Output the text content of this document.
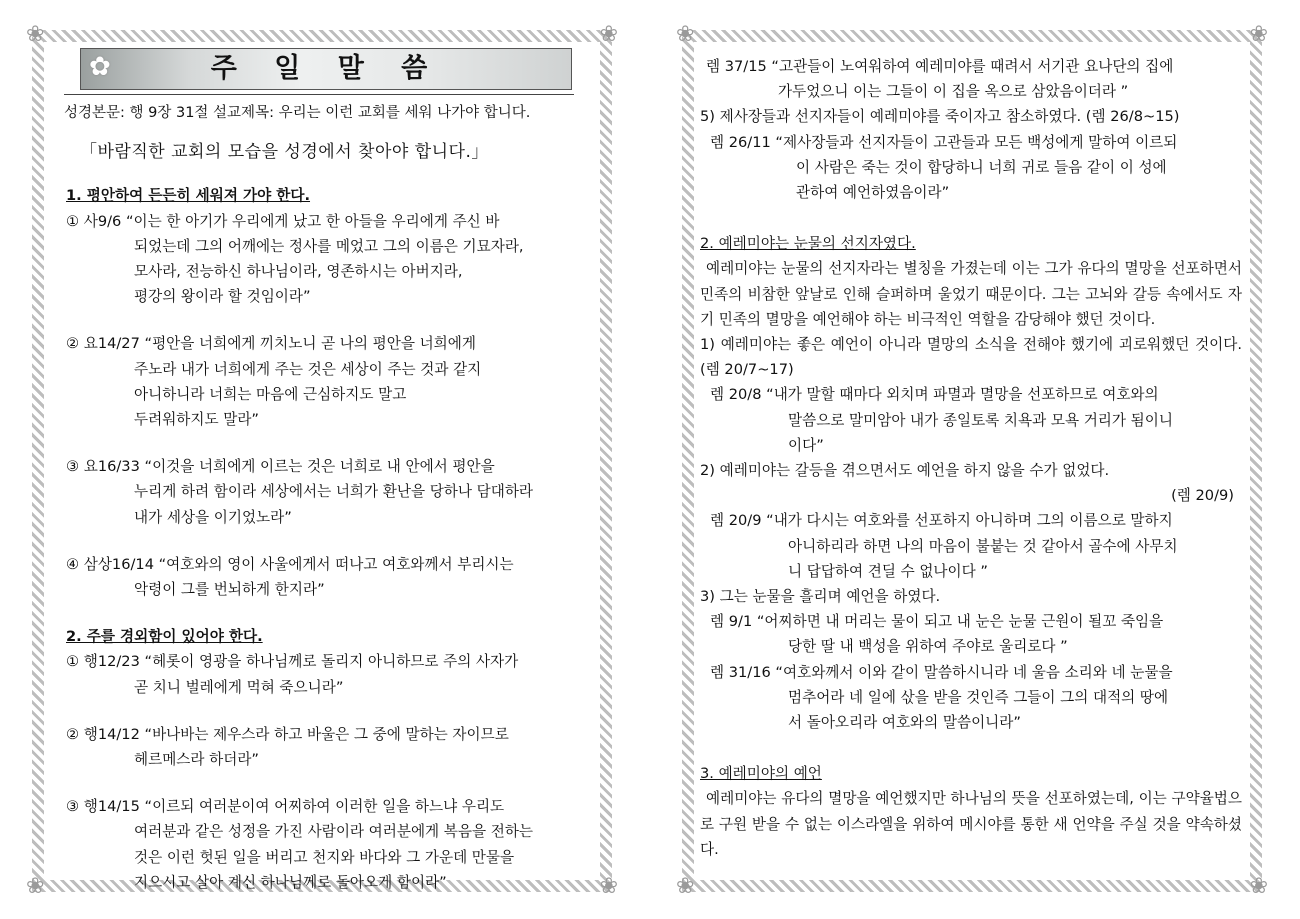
❀	❀
❀	❀
✿	주 일 말 씀
성경본문: 행 9장 31절 설교제목: 우리는 이런 교회를 세워 나가야 합니다.
「바람직한 교회의 모습을 성경에서 찾아야 합니다.」
1. 평안하여 든든히 세워져 가야 한다.
① 사9/6 “이는 한 아기가 우리에게 났고 한 아들을 우리에게 주신 바
되었는데 그의 어깨에는 정사를 메었고 그의 이름은 기묘자라,
모사라, 전능하신 하나님이라, 영존하시는 아버지라,
평강의 왕이라 할 것임이라”
② 요14/27 “평안을 너희에게 끼치노니 곧 나의 평안을 너희에게
주노라 내가 너희에게 주는 것은 세상이 주는 것과 같지
아니하니라 너희는 마음에 근심하지도 말고
두려워하지도 말라”
③ 요16/33 “이것을 너희에게 이르는 것은 너희로 내 안에서 평안을
누리게 하려 함이라 세상에서는 너희가 환난을 당하나 담대하라
내가 세상을 이기었노라”
④ 삼상16/14 “여호와의 영이 사울에게서 떠나고 여호와께서 부리시는
악령이 그를 번뇌하게 한지라”
2. 주를 경외함이 있어야 한다.
① 행12/23 “헤롯이 영광을 하나님께로 돌리지 아니하므로 주의 사자가
곧 치니 벌레에게 먹혀 죽으니라”
② 행14/12 “바나바는 제우스라 하고 바울은 그 중에 말하는 자이므로
헤르메스라 하더라”
③ 행14/15 “이르되 여러분이여 어찌하여 이러한 일을 하느냐 우리도
여러분과 같은 성정을 가진 사람이라 여러분에게 복음을 전하는
것은 이런 헛된 일을 버리고 천지와 바다와 그 가운데 만물을
지으시고 살아 계신 하나님께로 돌아오게 함이라”
❀	❀
❀	❀
렘 37/15 “고관들이 노여워하여 예레미야를 때려서 서기관 요나단의 집에
가두었으니 이는 그들이 이 집을 옥으로 삼았음이더라 ”
5) 제사장들과 선지자들이 예레미야를 죽이자고 참소하였다. (렘 26/8~15)
렘 26/11 “제사장들과 선지자들이 고관들과 모든 백성에게 말하여 이르되
이 사람은 죽는 것이 합당하니 너희 귀로 들음 같이 이 성에
관하여 예언하였음이라”
2. 예레미야는 눈물의 선지자였다.
예레미야는 눈물의 선지자라는 별칭을 가졌는데 이는 그가 유다의 멸망을 선포하면서 민족의 비참한 앞날로 인해 슬퍼하며 울었기 때문이다. 그는 고뇌와 갈등 속에서도 자기 민족의 멸망을 예언해야 하는 비극적인 역할을 감당해야 했던 것이다.
1) 예레미야는 좋은 예언이 아니라 멸망의 소식을 전해야 했기에 괴로워했던 것이다. (렘 20/7~17)
렘 20/8 “내가 말할 때마다 외치며 파멸과 멸망을 선포하므로 여호와의
말씀으로 말미암아 내가 종일토록 치욕과 모욕 거리가 됨이니
이다”
2) 예레미야는 갈등을 겪으면서도 예언을 하지 않을 수가 없었다.
(렘 20/9)
렘 20/9 “내가 다시는 여호와를 선포하지 아니하며 그의 이름으로 말하지
아니하리라 하면 나의 마음이 불붙는 것 같아서 골수에 사무치
니 답답하여 견딜 수 없나이다 ”
3) 그는 눈물을 흘리며 예언을 하였다.
렘 9/1 “어찌하면 내 머리는 물이 되고 내 눈은 눈물 근원이 될꼬 죽임을
당한 딸 내 백성을 위하여 주야로 울리로다 ”
렘 31/16 “여호와께서 이와 같이 말씀하시니라 네 울음 소리와 네 눈물을
멈추어라 네 일에 삯을 받을 것인즉 그들이 그의 대적의 땅에
서 돌아오리라 여호와의 말씀이니라”
3. 예레미야의 예언
예레미야는 유다의 멸망을 예언했지만 하나님의 뜻을 선포하였는데, 이는 구약율법으로 구원 받을 수 없는 이스라엘을 위하여 메시야를 통한 새 언약을 주실 것을 약속하셨다.
